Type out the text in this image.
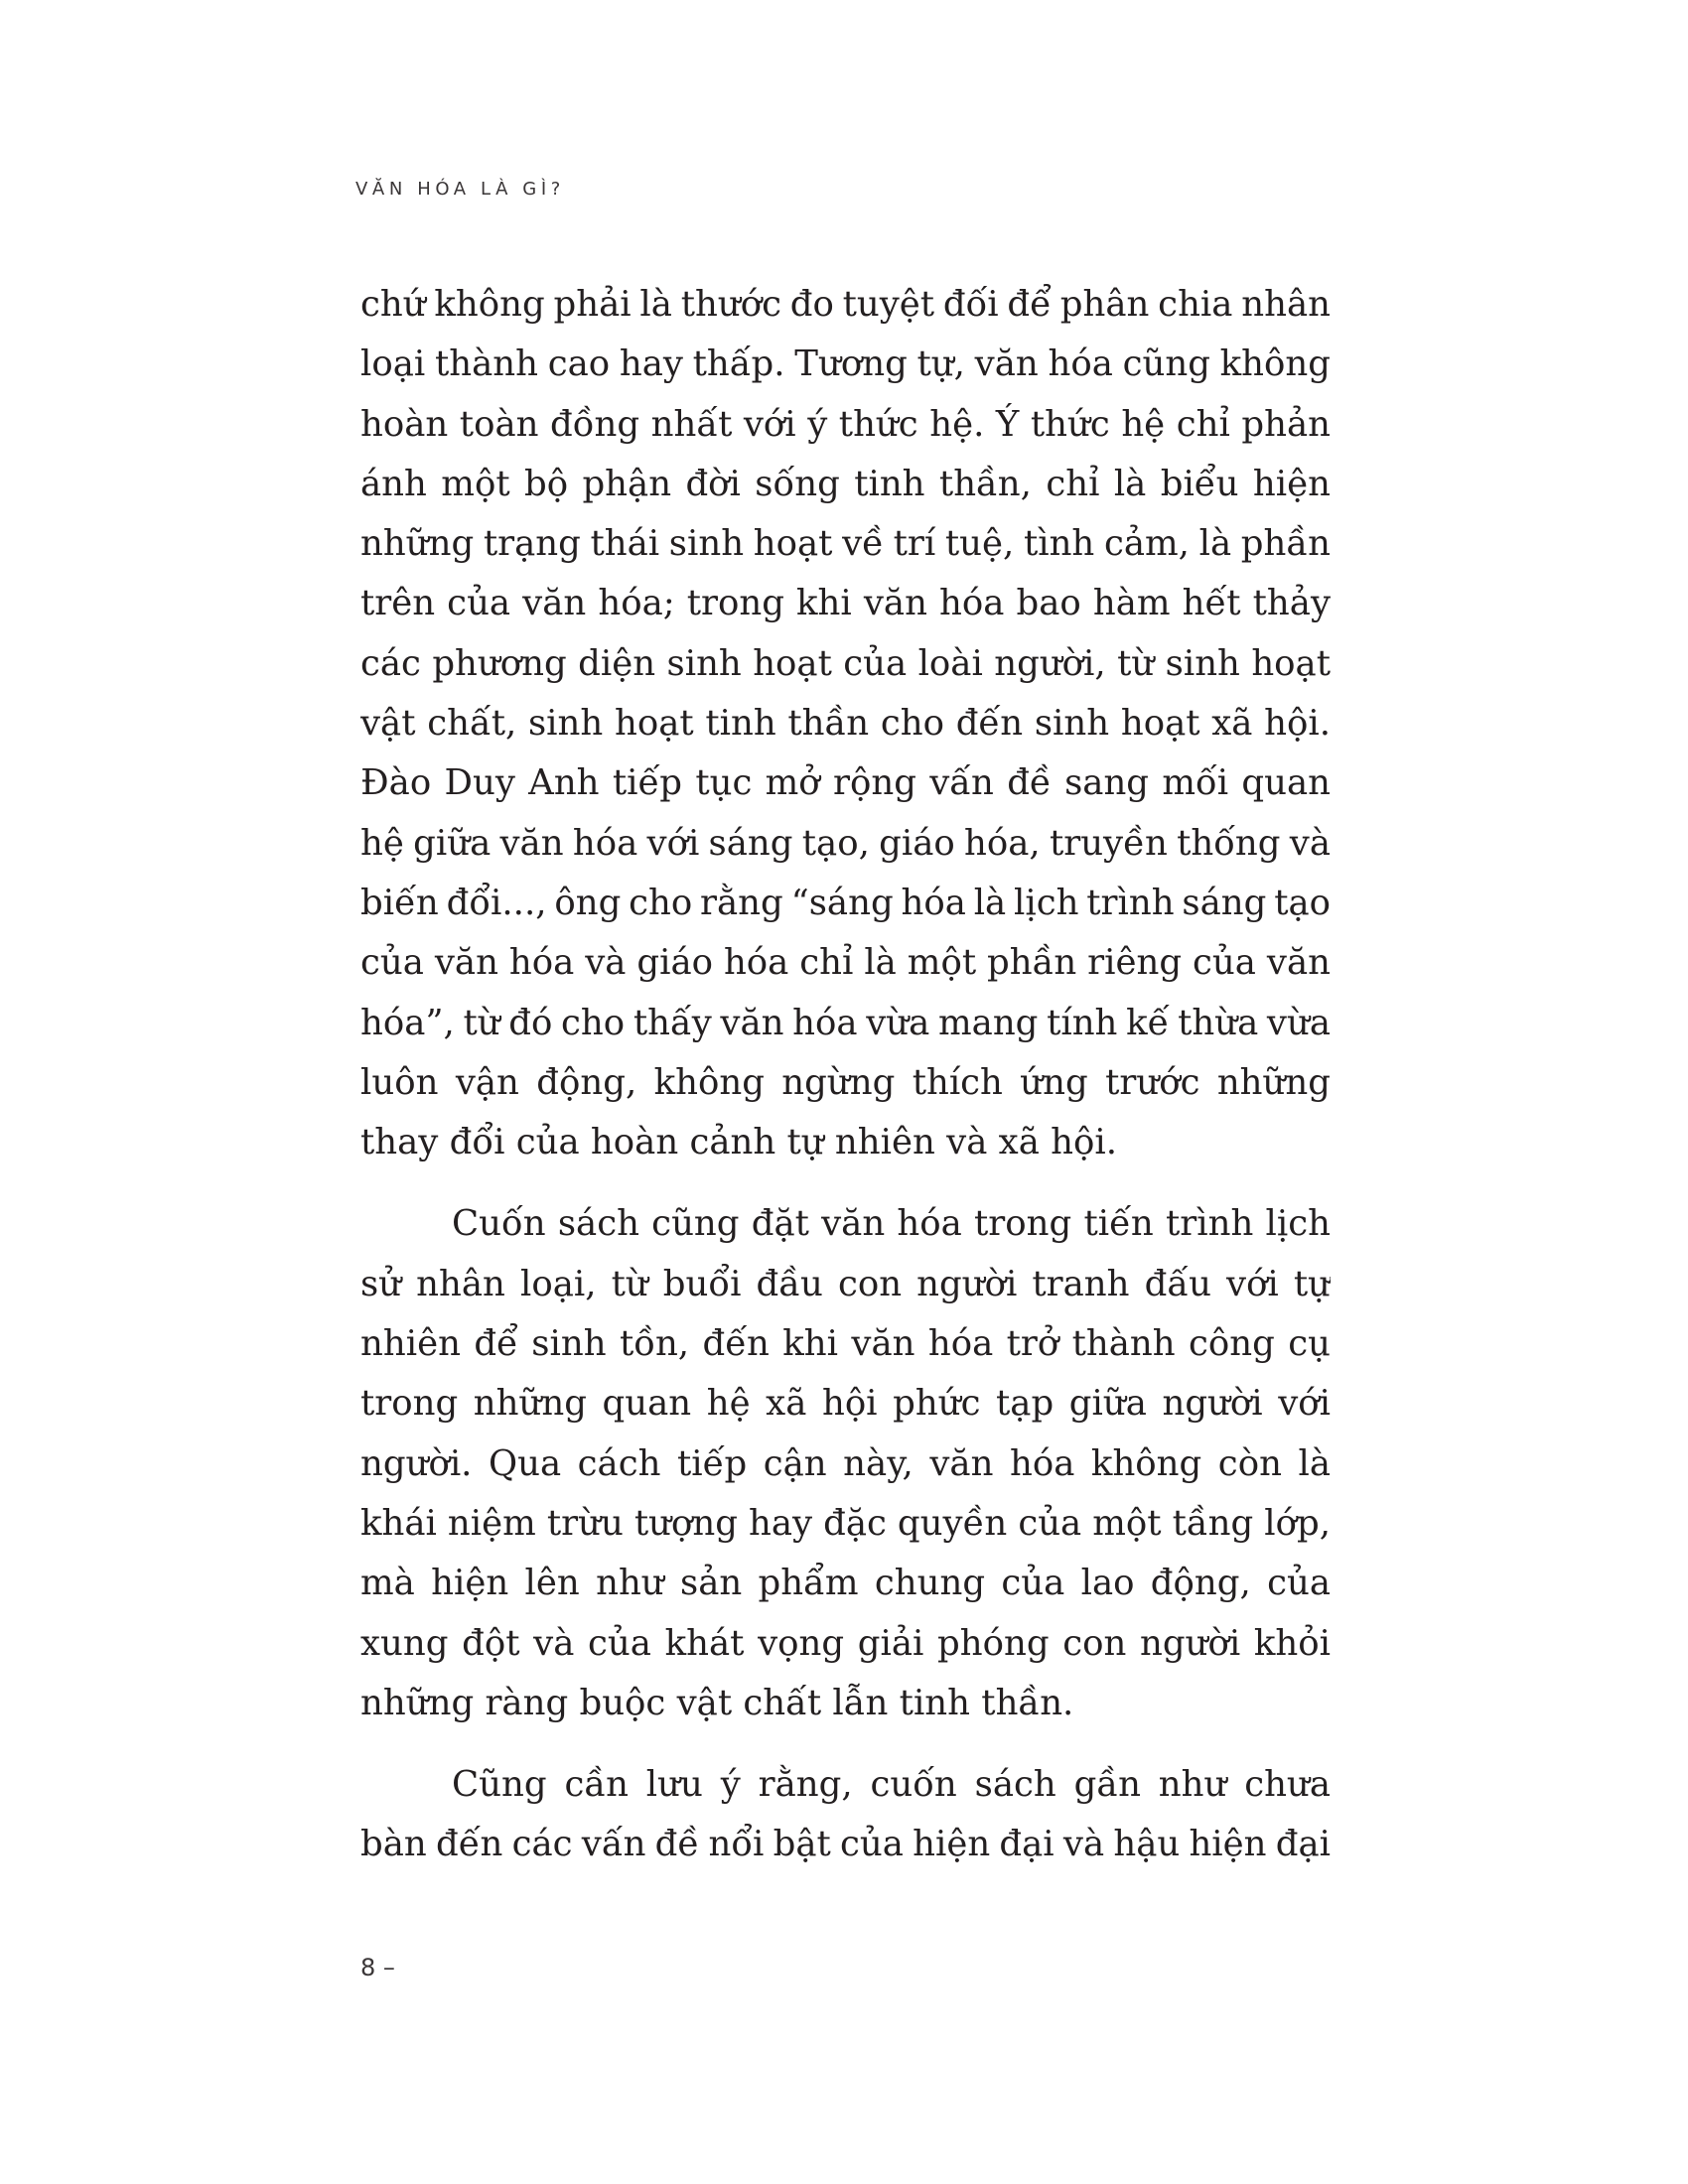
VĂN HÓA LÀ GÌ?

chứ không phải là thước đo tuyệt đối để phân chia nhân
loại thành cao hay thấp. Tương tự, văn hóa cũng không
hoàn toàn đồng nhất với ý thức hệ. Ý thức hệ chỉ phản
ánh một bộ phận đời sống tinh thần, chỉ là biểu hiện
những trạng thái sinh hoạt về trí tuệ, tình cảm, là phần
trên của văn hóa; trong khi văn hóa bao hàm hết thảy
các phương diện sinh hoạt của loài người, từ sinh hoạt
vật chất, sinh hoạt tinh thần cho đến sinh hoạt xã hội.
Đào Duy Anh tiếp tục mở rộng vấn đề sang mối quan
hệ giữa văn hóa với sáng tạo, giáo hóa, truyền thống và
biến đổi..., ông cho rằng “sáng hóa là lịch trình sáng tạo
của văn hóa và giáo hóa chỉ là một phần riêng của văn
hóa”, từ đó cho thấy văn hóa vừa mang tính kế thừa vừa
luôn vận động, không ngừng thích ứng trước những
thay đổi của hoàn cảnh tự nhiên và xã hội.

Cuốn sách cũng đặt văn hóa trong tiến trình lịch
sử nhân loại, từ buổi đầu con người tranh đấu với tự
nhiên để sinh tồn, đến khi văn hóa trở thành công cụ
trong những quan hệ xã hội phức tạp giữa người với
người. Qua cách tiếp cận này, văn hóa không còn là
khái niệm trừu tượng hay đặc quyền của một tầng lớp,
mà hiện lên như sản phẩm chung của lao động, của
xung đột và của khát vọng giải phóng con người khỏi
những ràng buộc vật chất lẫn tinh thần.

Cũng cần lưu ý rằng, cuốn sách gần như chưa
bàn đến các vấn đề nổi bật của hiện đại và hậu hiện đại

8 –
